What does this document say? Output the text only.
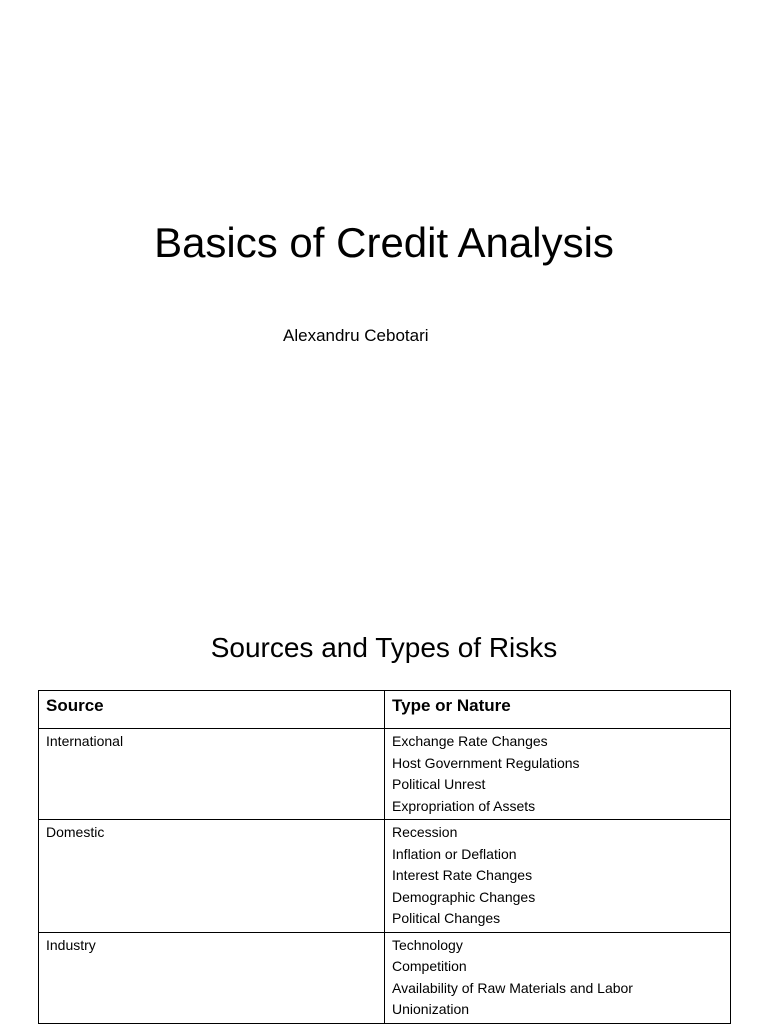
Basics of Credit Analysis

Alexandru Cebotari

Sources and Types of Risks
Source	Type or Nature
International	Exchange Rate Changes
Host Government Regulations
Political Unrest
Expropriation of Assets

Domestic	Recession
Inflation or Deflation
Interest Rate Changes
Demographic Changes
Political Changes

Industry	Technology
Competition
Availability of Raw Materials and Labor
Unionization
